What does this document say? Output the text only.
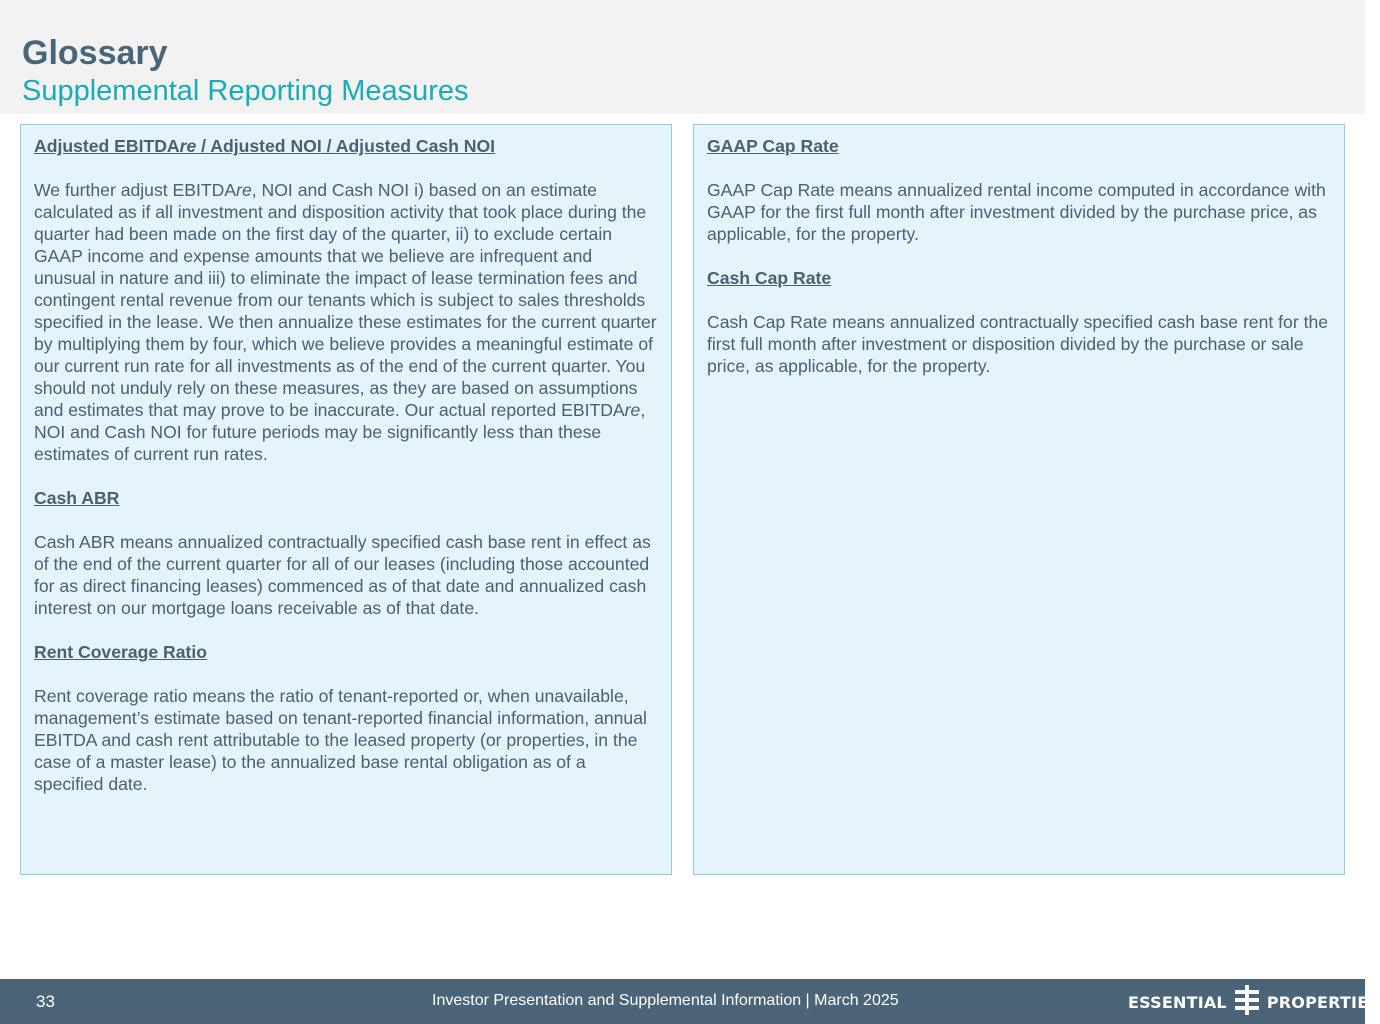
Glossary
Supplemental Reporting Measures

Adjusted EBITDAre / Adjusted NOI / Adjusted Cash NOI

We further adjust EBITDAre, NOI and Cash NOI i) based on an estimate calculated as if all investment and disposition activity that took place during the quarter had been made on the first day of the quarter, ii) to exclude certain GAAP income and expense amounts that we believe are infrequent and unusual in nature and iii) to eliminate the impact of lease termination fees and contingent rental revenue from our tenants which is subject to sales thresholds specified in the lease. We then annualize these estimates for the current quarter by multiplying them by four, which we believe provides a meaningful estimate of our current run rate for all investments as of the end of the current quarter. You should not unduly rely on these measures, as they are based on assumptions and estimates that may prove to be inaccurate. Our actual reported EBITDAre, NOI and Cash NOI for future periods may be significantly less than these estimates of current run rates.

Cash ABR

Cash ABR means annualized contractually specified cash base rent in effect as of the end of the current quarter for all of our leases (including those accounted for as direct financing leases) commenced as of that date and annualized cash interest on our mortgage loans receivable as of that date.

Rent Coverage Ratio

Rent coverage ratio means the ratio of tenant-reported or, when unavailable, management’s estimate based on tenant-reported financial information, annual EBITDA and cash rent attributable to the leased property (or properties, in the case of a master lease) to the annualized base rental obligation as of a specified date.

GAAP Cap Rate

GAAP Cap Rate means annualized rental income computed in accordance with GAAP for the first full month after investment divided by the purchase price, as applicable, for the property.

Cash Cap Rate

Cash Cap Rate means annualized contractually specified cash base rent for the first full month after investment or disposition divided by the purchase or sale price, as applicable, for the property.

33	Investor Presentation and Supplemental Information | March 2025	ESSENTIAL	PROPERTIES
